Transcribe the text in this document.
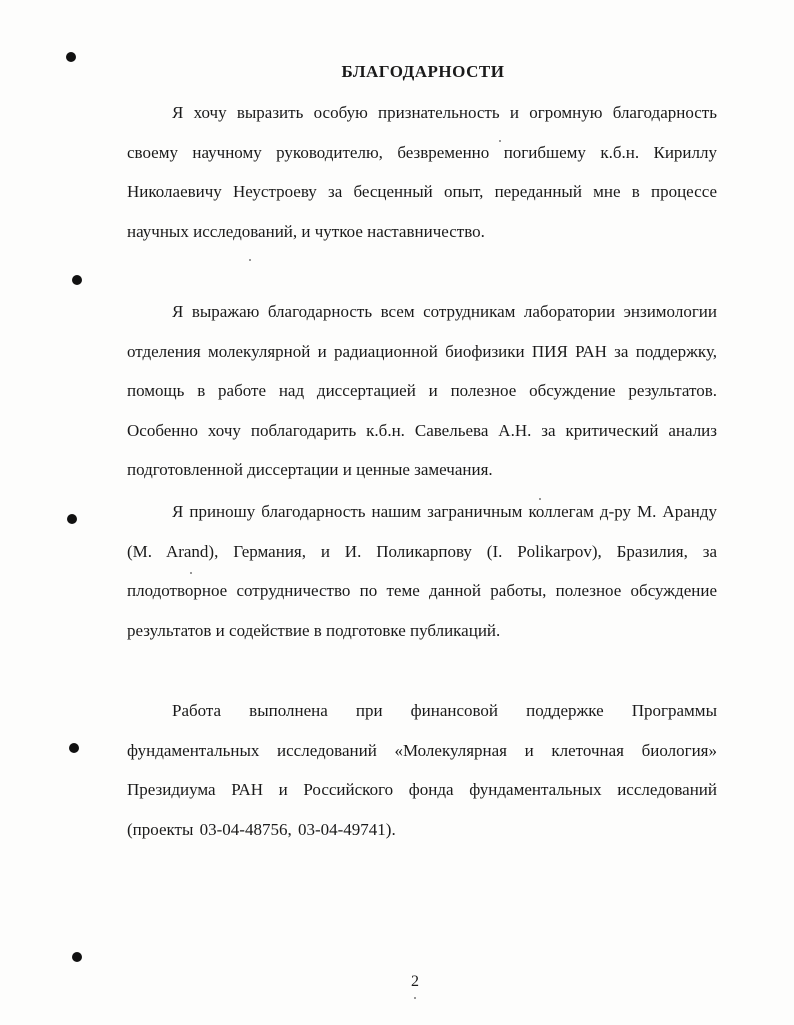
БЛАГОДАРНОСТИ

Я хочу выразить особую признательность и огромную благодарность своему научному руководителю, безвременно погибшему к.б.н. Кириллу Николаевичу Неустроеву за бесценный опыт, переданный мне в процессе научных исследований, и чуткое наставничество.

Я выражаю благодарность всем сотрудникам лаборатории энзимологии отделения молекулярной и радиационной биофизики ПИЯ РАН за поддержку, помощь в работе над диссертацией и полезное обсуждение результатов. Особенно хочу поблагодарить к.б.н. Савельева А.Н. за критический анализ подготовленной диссертации и ценные замечания.

Я приношу благодарность нашим заграничным коллегам д-ру М. Аранду (M. Arand), Германия, и И. Поликарпову (I. Polikarpov), Бразилия, за плодотворное сотрудничество по теме данной работы, полезное обсуждение результатов и содействие в подготовке публикаций.

Работа выполнена при финансовой поддержке Программы фундаментальных исследований «Молекулярная и клеточная биология» Президиума РАН и Российского фонда фундаментальных исследований (проекты 03-04-48756, 03-04-49741).

2
